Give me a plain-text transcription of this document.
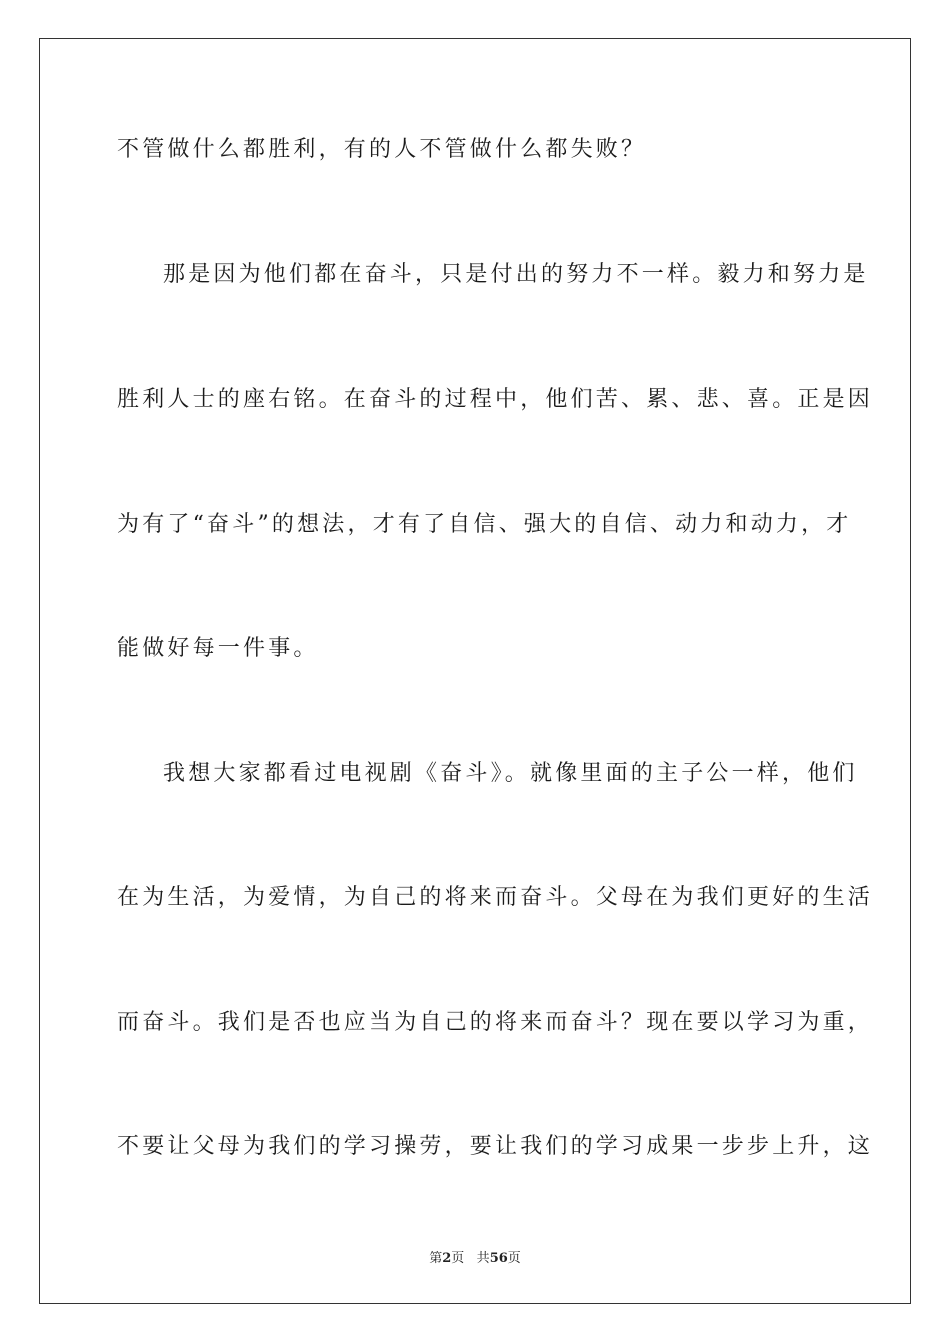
不管做什么都胜利，有的人不管做什么都失败？
那是因为他们都在奋斗，只是付出的努力不一样。毅力和努力是
胜利人士的座右铭。在奋斗的过程中，他们苦、累、悲、喜。正是因
为有了“奋斗”的想法，才有了自信、强大的自信、动力和动力，才
能做好每一件事。
我想大家都看过电视剧《奋斗》。就像里面的主子公一样，他们
在为生活，为爱情，为自己的将来而奋斗。父母在为我们更好的生活
而奋斗。我们是否也应当为自己的将来而奋斗？现在要以学习为重，
不要让父母为我们的学习操劳，要让我们的学习成果一步步上升，这
第2页 共56页
